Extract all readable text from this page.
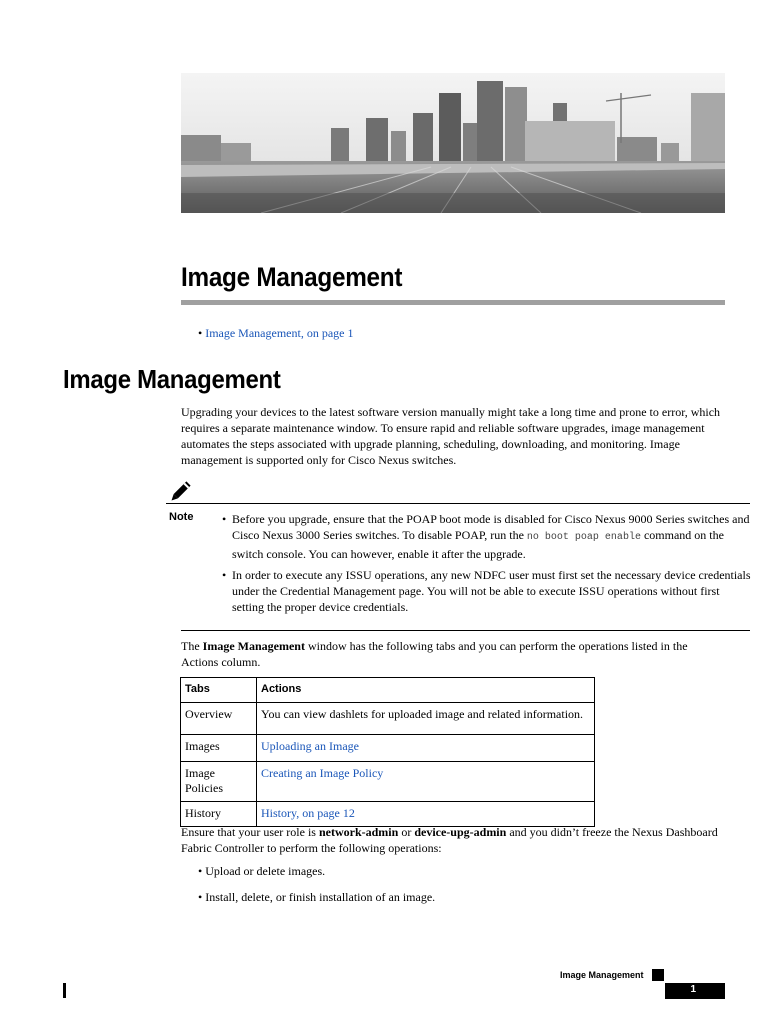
Image Management
• Image Management, on page 1
Image Management
Upgrading your devices to the latest software version manually might take a long time and prone to error, which requires a separate maintenance window. To ensure rapid and reliable software upgrades, image management automates the steps associated with upgrade planning, scheduling, downloading, and monitoring. Image management is supported only for Cisco Nexus switches.
Note • Before you upgrade, ensure that the POAP boot mode is disabled for Cisco Nexus 9000 Series switches and Cisco Nexus 3000 Series switches. To disable POAP, run the no boot poap enable command on the switch console. You can however, enable it after the upgrade.
• In order to execute any ISSU operations, any new NDFC user must first set the necessary device credentials under the Credential Management page. You will not be able to execute ISSU operations without first setting the proper device credentials.
The Image Management window has the following tabs and you can perform the operations listed in the Actions column.
Tabs	Actions
Overview	You can view dashlets for uploaded image and related information.
Images	Uploading an Image
Image Policies	Creating an Image Policy
History	History, on page 12
Ensure that your user role is network-admin or device-upg-admin and you didn’t freeze the Nexus Dashboard Fabric Controller to perform the following operations:
• Upload or delete images.
• Install, delete, or finish installation of an image.
Image Management
1
